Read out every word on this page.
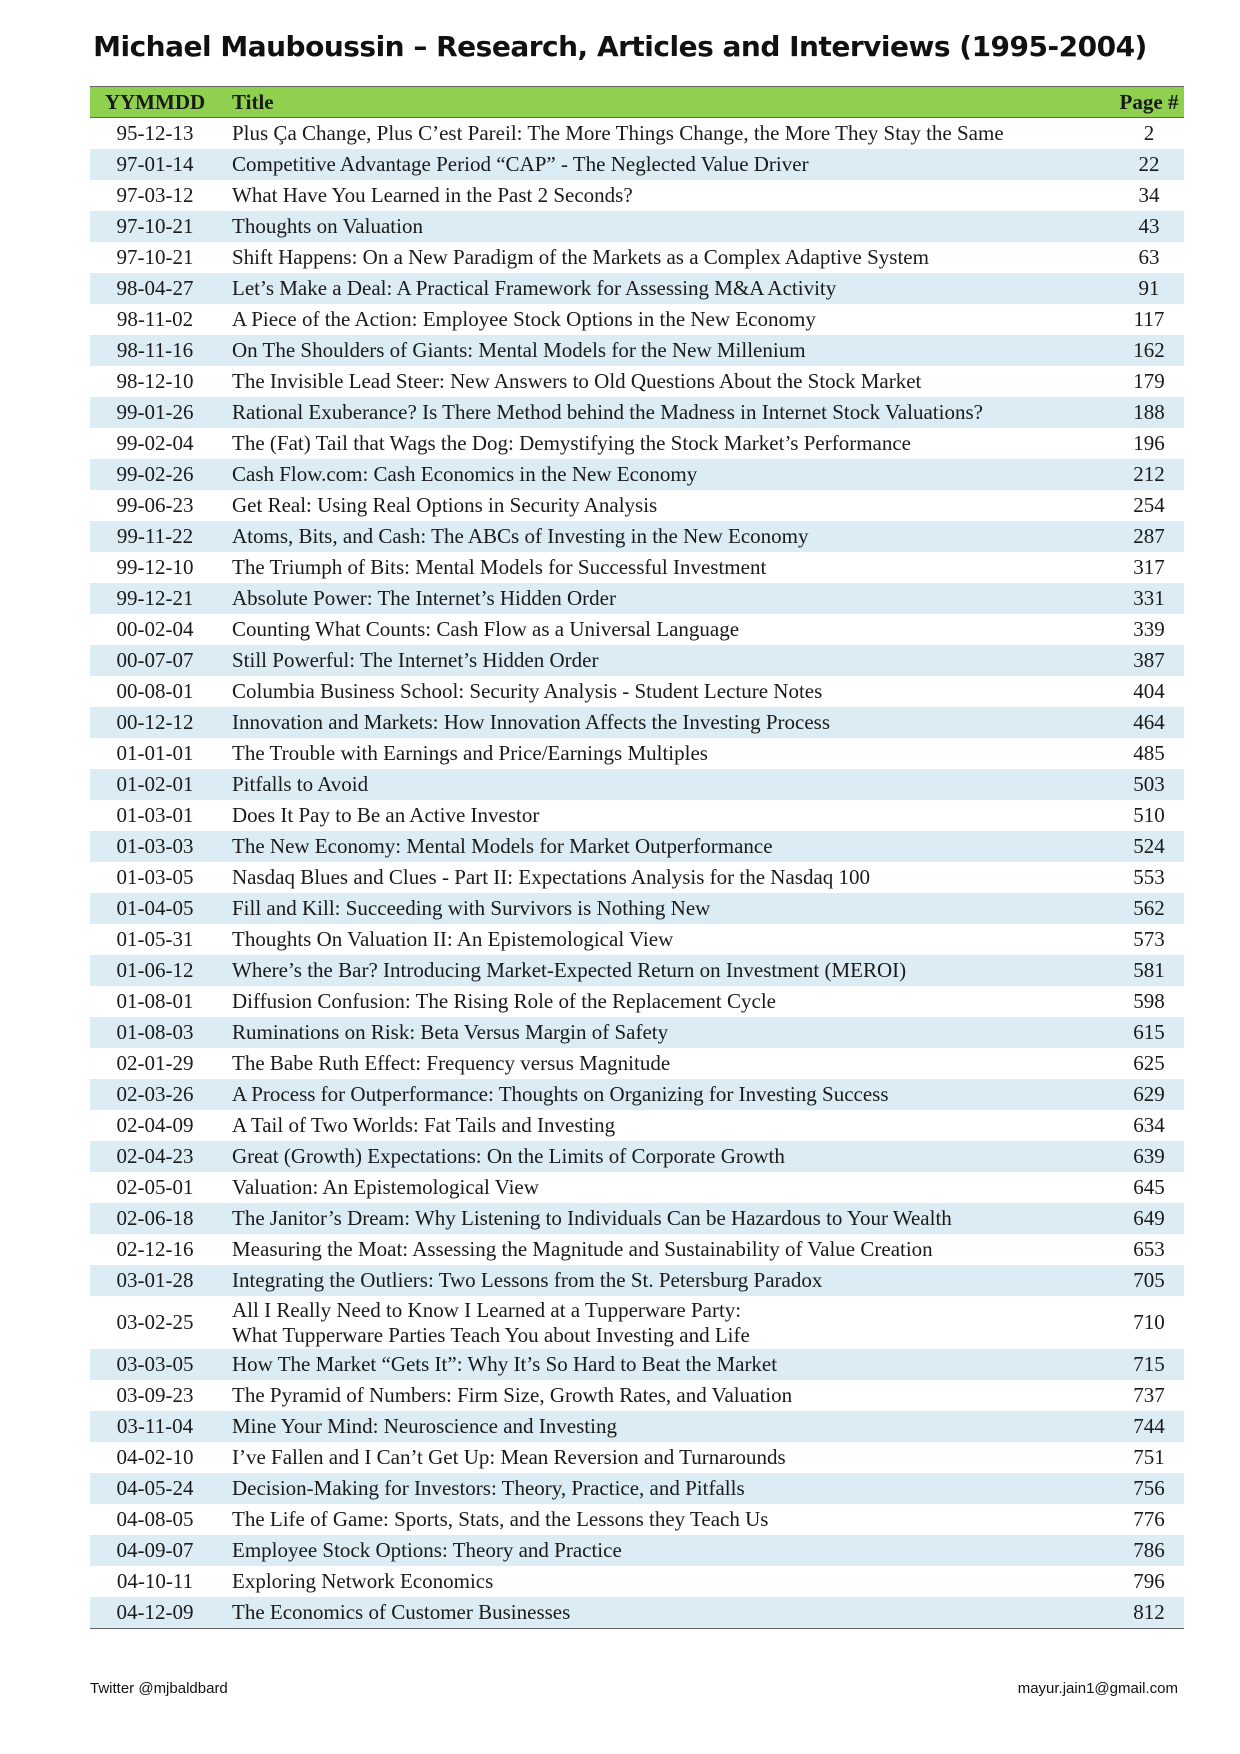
Michael Mauboussin – Research, Articles and Interviews (1995-2004)
YYMMDD	Title	Page #
95-12-13	Plus Ça Change, Plus C’est Pareil: The More Things Change, the More They Stay the Same	2
97-01-14	Competitive Advantage Period “CAP” - The Neglected Value Driver	22
97-03-12	What Have You Learned in the Past 2 Seconds?	34
97-10-21	Thoughts on Valuation	43
97-10-21	Shift Happens: On a New Paradigm of the Markets as a Complex Adaptive System	63
98-04-27	Let’s Make a Deal: A Practical Framework for Assessing M&A Activity	91
98-11-02	A Piece of the Action: Employee Stock Options in the New Economy	117
98-11-16	On The Shoulders of Giants: Mental Models for the New Millenium	162
98-12-10	The Invisible Lead Steer: New Answers to Old Questions About the Stock Market	179
99-01-26	Rational Exuberance? Is There Method behind the Madness in Internet Stock Valuations?	188
99-02-04	The (Fat) Tail that Wags the Dog: Demystifying the Stock Market’s Performance	196
99-02-26	Cash Flow.com: Cash Economics in the New Economy	212
99-06-23	Get Real: Using Real Options in Security Analysis	254
99-11-22	Atoms, Bits, and Cash: The ABCs of Investing in the New Economy	287
99-12-10	The Triumph of Bits: Mental Models for Successful Investment	317
99-12-21	Absolute Power: The Internet’s Hidden Order	331
00-02-04	Counting What Counts: Cash Flow as a Universal Language	339
00-07-07	Still Powerful: The Internet’s Hidden Order	387
00-08-01	Columbia Business School: Security Analysis - Student Lecture Notes	404
00-12-12	Innovation and Markets: How Innovation Affects the Investing Process	464
01-01-01	The Trouble with Earnings and Price/Earnings Multiples	485
01-02-01	Pitfalls to Avoid	503
01-03-01	Does It Pay to Be an Active Investor	510
01-03-03	The New Economy: Mental Models for Market Outperformance	524
01-03-05	Nasdaq Blues and Clues - Part II: Expectations Analysis for the Nasdaq 100	553
01-04-05	Fill and Kill: Succeeding with Survivors is Nothing New	562
01-05-31	Thoughts On Valuation II: An Epistemological View	573
01-06-12	Where’s the Bar? Introducing Market-Expected Return on Investment (MEROI)	581
01-08-01	Diffusion Confusion: The Rising Role of the Replacement Cycle	598
01-08-03	Ruminations on Risk: Beta Versus Margin of Safety	615
02-01-29	The Babe Ruth Effect: Frequency versus Magnitude	625
02-03-26	A Process for Outperformance: Thoughts on Organizing for Investing Success	629
02-04-09	A Tail of Two Worlds: Fat Tails and Investing	634
02-04-23	Great (Growth) Expectations: On the Limits of Corporate Growth	639
02-05-01	Valuation: An Epistemological View	645
02-06-18	The Janitor’s Dream: Why Listening to Individuals Can be Hazardous to Your Wealth	649
02-12-16	Measuring the Moat: Assessing the Magnitude and Sustainability of Value Creation	653
03-01-28	Integrating the Outliers: Two Lessons from the St. Petersburg Paradox	705
03-02-25	All I Really Need to Know I Learned at a Tupperware Party:
What Tupperware Parties Teach You about Investing and Life	710
03-03-05	How The Market “Gets It”: Why It’s So Hard to Beat the Market	715
03-09-23	The Pyramid of Numbers: Firm Size, Growth Rates, and Valuation	737
03-11-04	Mine Your Mind: Neuroscience and Investing	744
04-02-10	I’ve Fallen and I Can’t Get Up: Mean Reversion and Turnarounds	751
04-05-24	Decision-Making for Investors: Theory, Practice, and Pitfalls	756
04-08-05	The Life of Game: Sports, Stats, and the Lessons they Teach Us	776
04-09-07	Employee Stock Options: Theory and Practice	786
04-10-11	Exploring Network Economics	796
04-12-09	The Economics of Customer Businesses	812
Twitter @mjbaldbard	mayur.jain1@gmail.com
